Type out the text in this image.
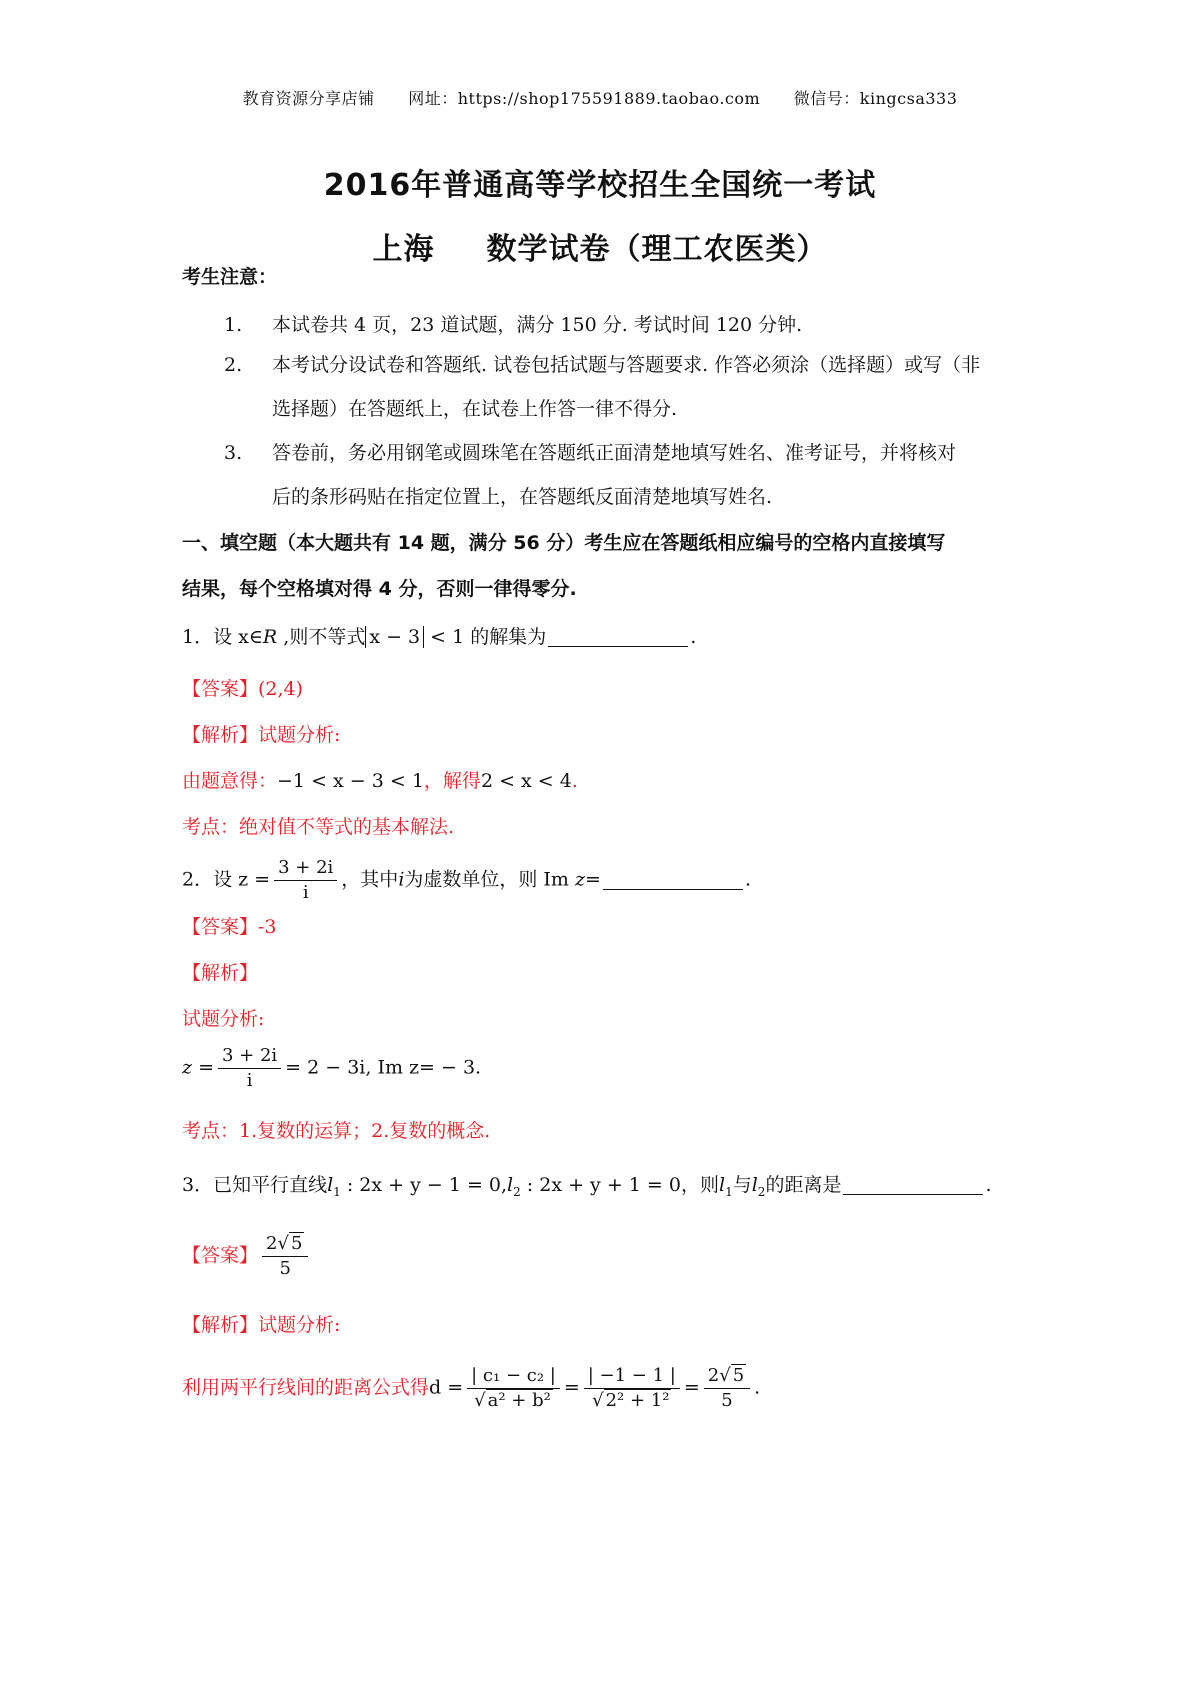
教育资源分享店铺 网址：https://shop175591889.taobao.com 微信号：kingcsa333
2016年普通高等学校招生全国统一考试
上海 数学试卷（理工农医类）
考生注意：
1. 本试卷共 4 页，23 道试题，满分 150 分. 考试时间 120 分钟.
2. 本考试分设试卷和答题纸. 试卷包括试题与答题要求. 作答必须涂（选择题）或写（非
选择题）在答题纸上，在试卷上作答一律不得分.
3. 答卷前，务必用钢笔或圆珠笔在答题纸正面清楚地填写姓名、准考证号，并将核对
后的条形码贴在指定位置上，在答题纸反面清楚地填写姓名.
一、填空题（本大题共有 14 题，满分 56 分）考生应在答题纸相应编号的空格内直接填写
结果，每个空格填对得 4 分，否则一律得零分.
1．设 x∈R ,则不等式 x − 3 < 1 的解集为	.
【答案】(2,4)
【解析】试题分析:
由题意得：−1 < x − 3 < 1，解得2 < x < 4.
考点：绝对值不等式的基本解法.
2．设 $z = \frac{3 + 2i}{i}$ ，其中i为虚数单位，则 Im z=	.
【答案】-3
【解析】
试题分析:
$z = \frac{3 + 2i}{i} = 2 - 3i$, Im z= − 3.
考点：1.复数的运算；2.复数的概念.
3．已知平行直线$l_1$ : $2x + y - 1 = 0,l_2$ : 2x + y + 1 = 0，则$l_1$与$l_2$的距离是	.
【答案】 $\frac{2√ 5}{5}$
【解析】试题分析:
利用两平行线间的距离公式得$d = \frac{\text{| c₁ − c₂ |}}{\text{√ a² + b²}} = \frac{| -1 - 1 |}{\text{√ 2² + 1²}} = \frac{2√ 5}{5}$ .
